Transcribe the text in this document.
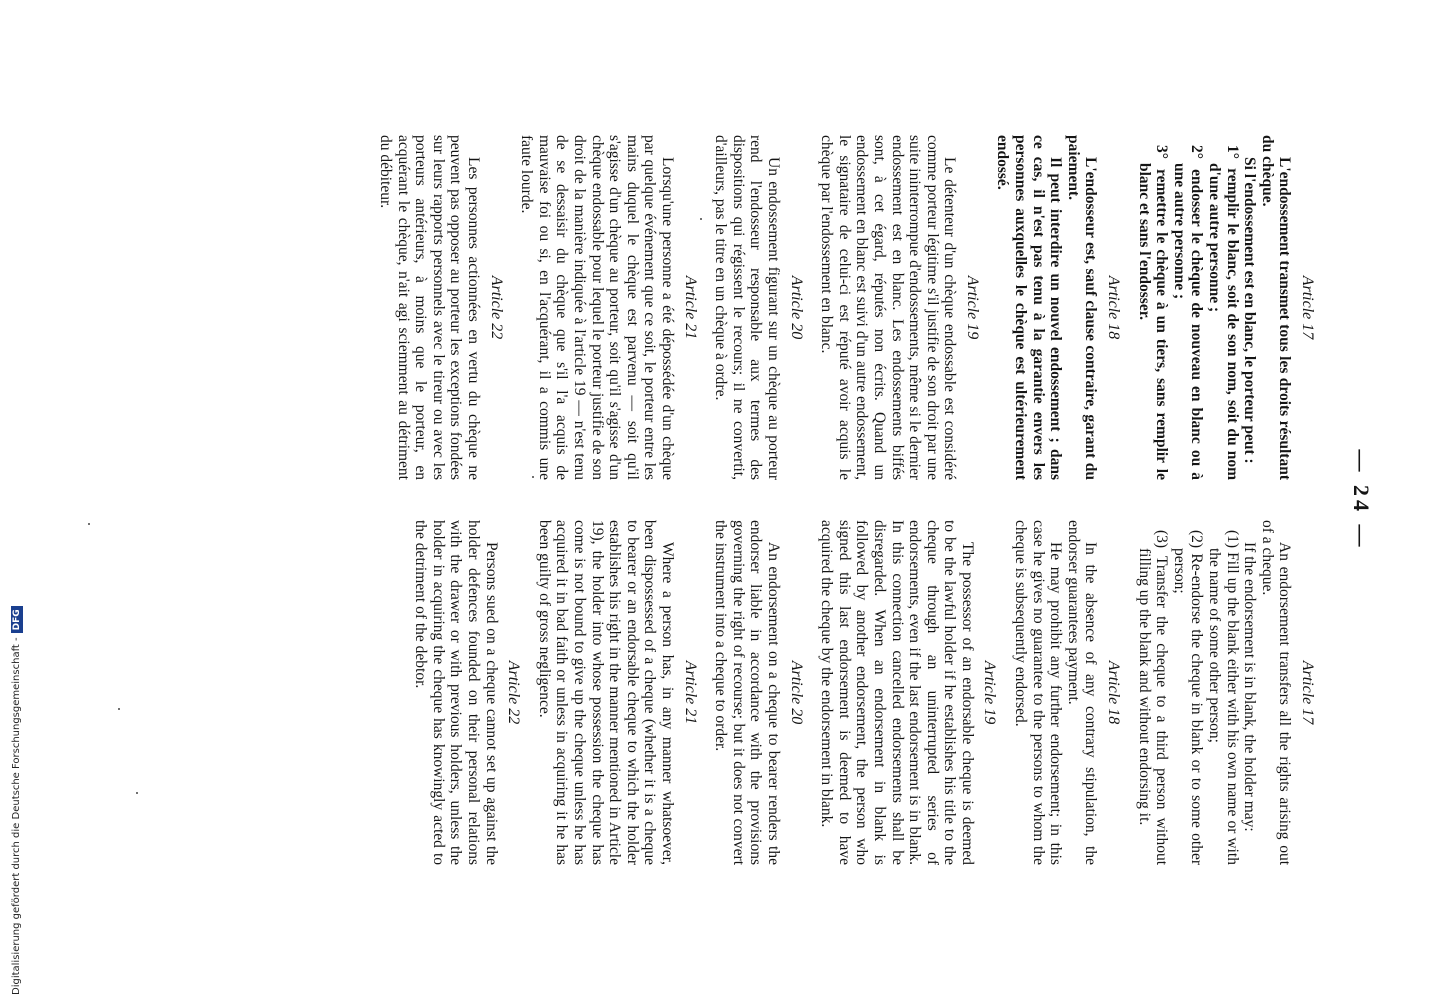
— 24 —
Article 17

L'endossement transmet tous les droits résultant du chèque.

Si l'endossement est en blanc, le porteur peut :

1° remplir le blanc, soit de son nom, soit du nom d'une autre personne ;
2° endosser le chèque de nouveau en blanc ou à une autre personne ;
3° remettre le chèque à un tiers, sans remplir le blanc et sans l'endosser.
Article 18

L'endosseur est, sauf clause contraire, garant du paiement.

Il peut interdire un nouvel endossement ; dans ce cas, il n'est pas tenu à la garantie envers les personnes auxquelles le chèque est ultérieurement endossé.

Article 19

Le détenteur d'un chèque endossable est considéré comme porteur légitime s'il justifie de son droit par une suite ininterrompue d'endossements, même si le dernier endossement est en blanc. Les endossements biffés sont, à cet égard, réputés non écrits. Quand un endossement en blanc est suivi d'un autre endossement, le signataire de celui-ci est réputé avoir acquis le chèque par l'endossement en blanc.

Article 20

Un endossement figurant sur un chèque au porteur rend l'endosseur responsable aux termes des dispositions qui régissent le recours; il ne convertit, d'ailleurs, pas le titre en un chèque à ordre.

Article 21

Lorsqu'une personne a été dépossédée d'un chèque par quelque événement que ce soit, le porteur entre les mains duquel le chèque est parvenu — soit qu'il s'agisse d'un chèque au porteur, soit qu'il s'agisse d'un chèque endossable pour lequel le porteur justifie de son droit de la manière indiquée à l'article 19 — n'est tenu de se dessaisir du chèque que s'il l'a acquis de mauvaise foi ou si, en l'acquérant, il a commis une faute lourde.

Article 22

Les personnes actionnées en vertu du chèque ne peuvent pas opposer au porteur les exceptions fondées sur leurs rapports personnels avec le tireur ou avec les porteurs antérieurs, à moins que le porteur, en acquérant le chèque, n'ait agi sciemment au détriment du débiteur.

Article 17

An endorsement transfers all the rights arising out of a cheque.

If the endorsement is in blank, the holder may:

(1) Fill up the blank either with his own name or with the name of some other person;
(2) Re-endorse the cheque in blank or to some other person;
(3) Transfer the cheque to a third person without filling up the blank and without endorsing it.
Article 18

In the absence of any contrary stipulation, the endorser guarantees payment.

He may prohibit any further endorsement; in this case he gives no guarantee to the persons to whom the cheque is subsequently endorsed.

Article 19

The possessor of an endorsable cheque is deemed to be the lawful holder if he establishes his title to the cheque through an uninterrupted series of endorsements, even if the last endorsement is in blank. In this connection cancelled endorsements shall be disregarded. When an endorsement in blank is followed by another endorsement, the person who signed this last endorsement is deemed to have acquired the cheque by the endorsement in blank.

Article 20

An endorsement on a cheque to bearer renders the endorser liable in accordance with the provisions governing the right of recourse; but it does not convert the instrument into a cheque to order.

Article 21

Where a person has, in any manner whatsoever, been dispossessed of a cheque (whether it is a cheque to bearer or an endorsable cheque to which the holder establishes his right in the manner mentioned in Article 19), the holder into whose possession the cheque has come is not bound to give up the cheque unless he has acquired it in bad faith or unless in acquiring it he has been guilty of gross negligence.

Article 22

Persons sued on a cheque cannot set up against the holder defences founded on their personal relations with the drawer or with previous holders, unless the holder in acquiring the cheque has knowingly acted to the detriment of the debtor.

Digitalisierung gefördert durch die Deutsche Forschungsgemeinschaft -DFG
